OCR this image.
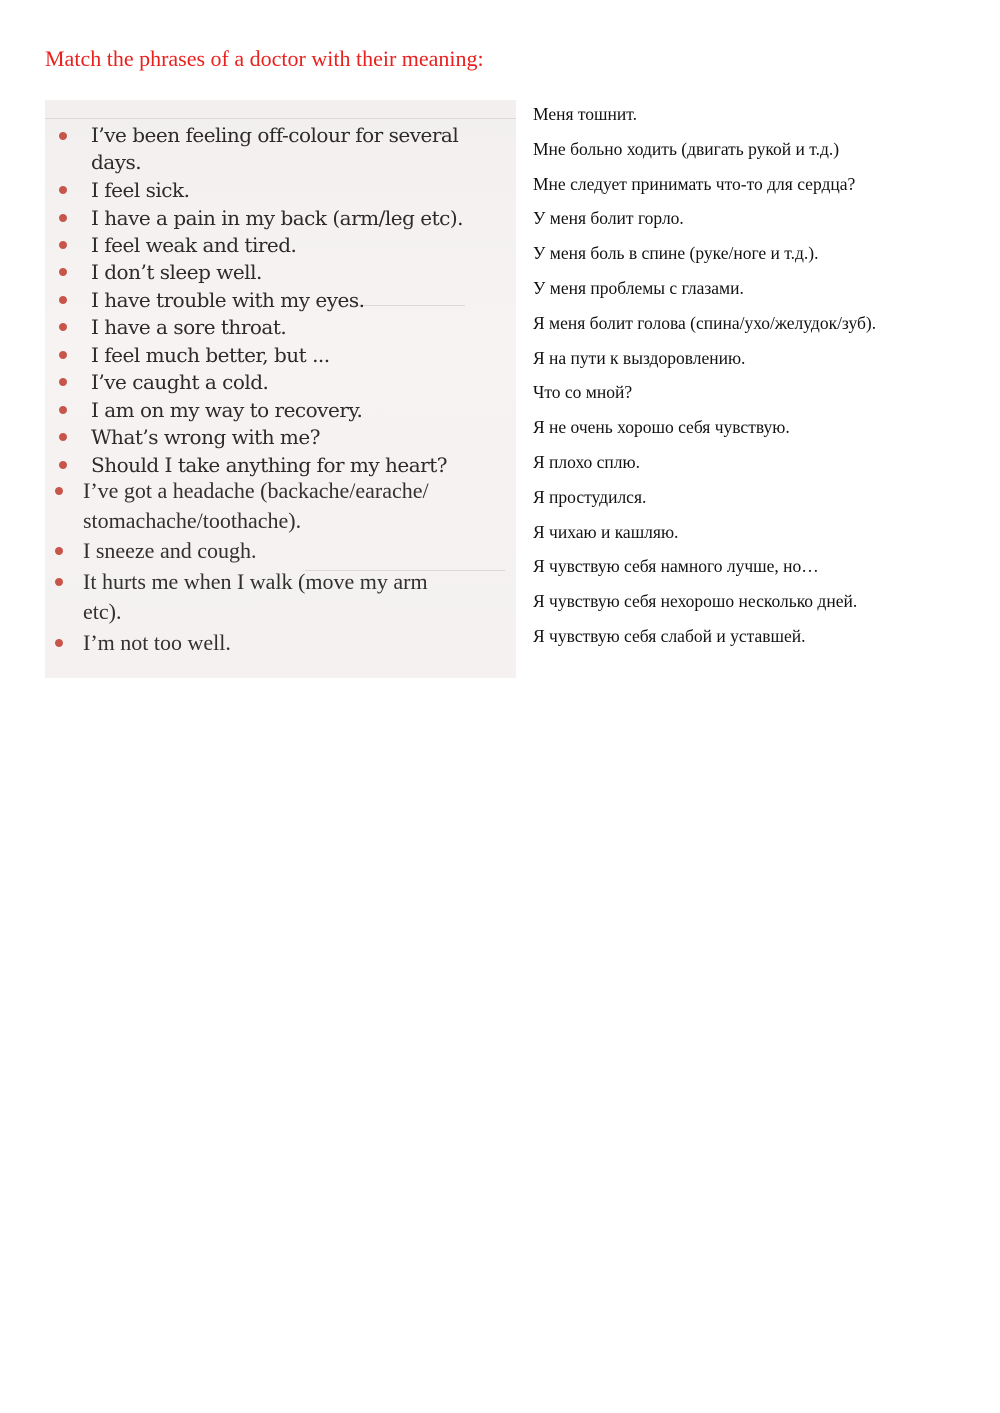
Match the phrases of a doctor with their meaning:
I’ve been feeling off-colour for several
days.
I feel sick.
I have a pain in my back (arm/leg etc).
I feel weak and tired.
I don’t sleep well.
I have trouble with my eyes.
I have a sore throat.
I feel much better, but ...
I’ve caught a cold.
I am on my way to recovery.
What’s wrong with me?
Should I take anything for my heart?
I’ve got a headache (backache/earache/
stomachache/toothache).
I sneeze and cough.
It hurts me when I walk (move my arm
etc).
I’m not too well.
Меня тошнит.
Мне больно ходить (двигать рукой и т.д.)
Мне следует принимать что-то для сердца?
У меня болит горло.
У меня боль в спине (руке/ноге и т.д.).
У меня проблемы с глазами.
Я меня болит голова (спина/ухо/желудок/зуб).
Я на пути к выздоровлению.
Что со мной?
Я не очень хорошо себя чувствую.
Я плохо сплю.
Я простудился.
Я чихаю и кашляю.
Я чувствую себя намного лучше, но…
Я чувствую себя нехорошо несколько дней.
Я чувствую себя слабой и уставшей.
